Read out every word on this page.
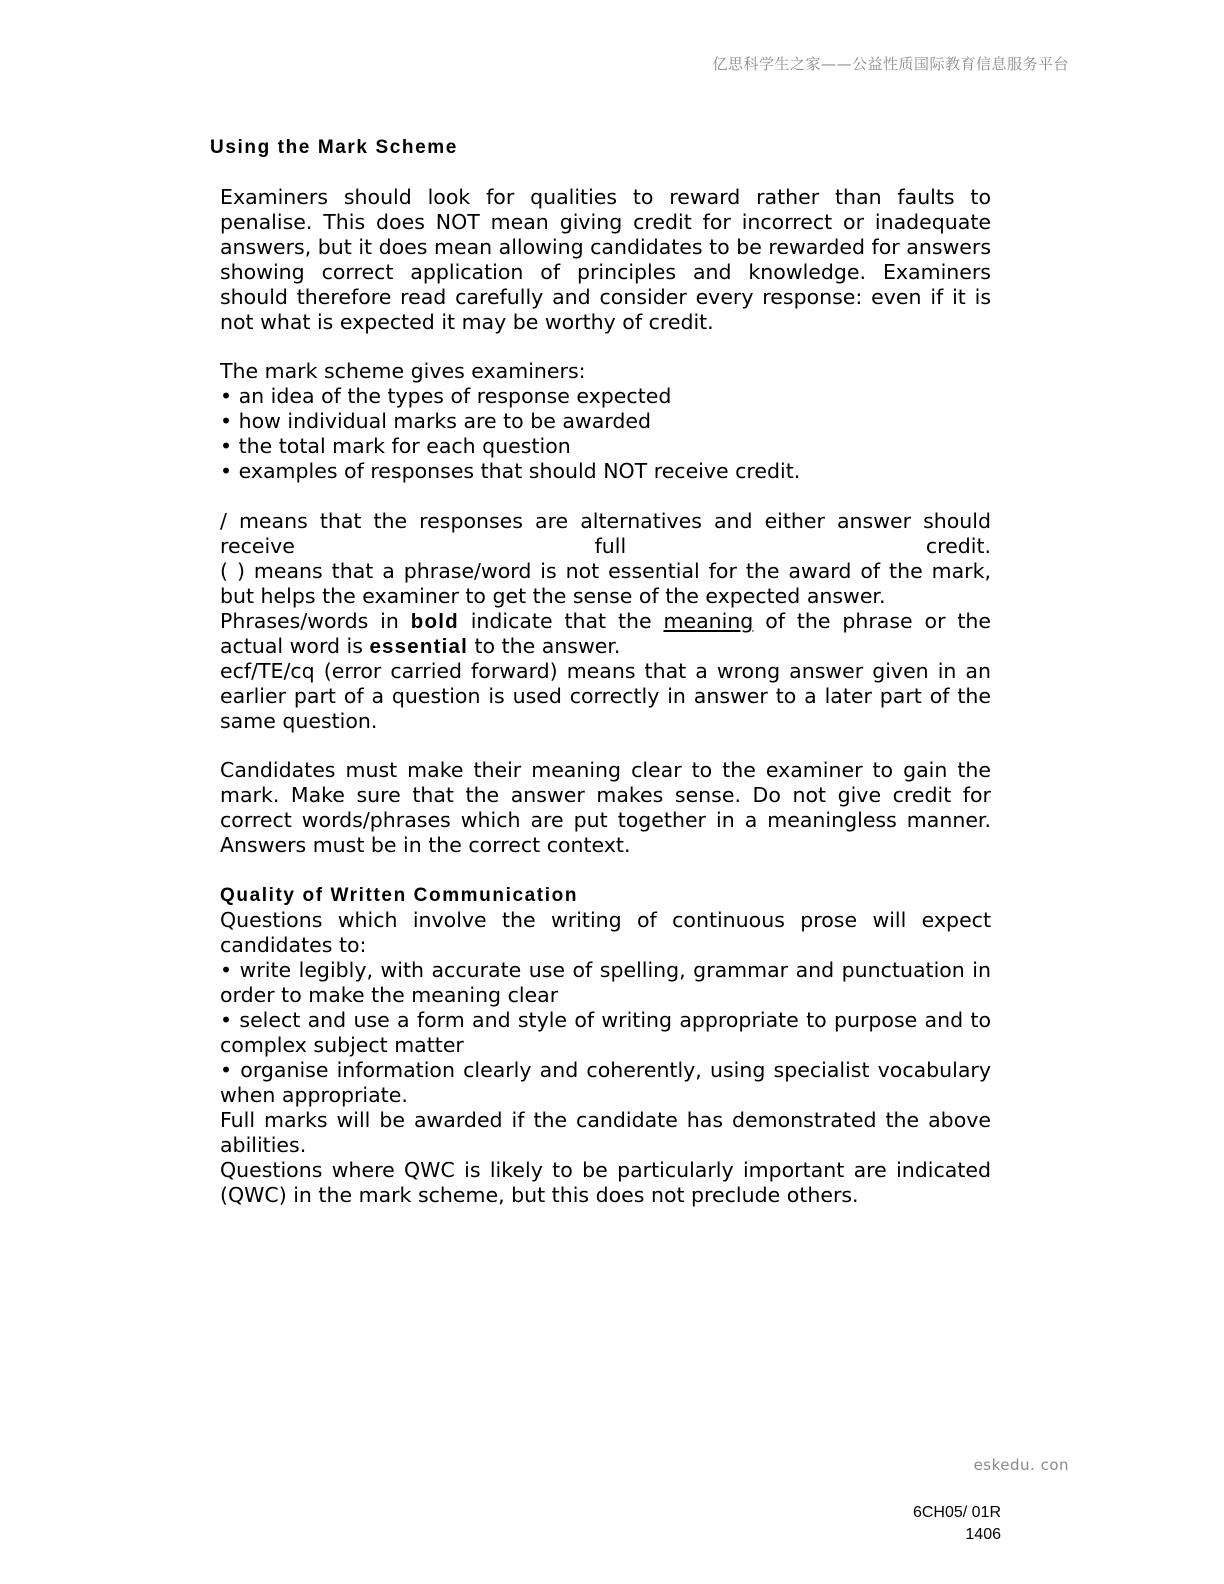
亿思科学生之家——公益性质国际教育信息服务平台
Using the Mark Scheme

Examiners should look for qualities to reward rather than faults to penalise. This does NOT mean giving credit for incorrect or inadequate answers, but it does mean allowing candidates to be rewarded for answers showing correct application of principles and knowledge. Examiners should therefore read carefully and consider every response: even if it is not what is expected it may be worthy of credit.

The mark scheme gives examiners:

• an idea of the types of response expected

• how individual marks are to be awarded

• the total mark for each question

• examples of responses that should NOT receive credit.

/ means that the responses are alternatives and either answer should receive full credit.

( ) means that a phrase/word is not essential for the award of the mark, but helps the examiner to get the sense of the expected answer.

Phrases/words in bold indicate that the meaning of the phrase or the actual word is essential to the answer.

ecf/TE/cq (error carried forward) means that a wrong answer given in an earlier part of a question is used correctly in answer to a later part of the same question.

Candidates must make their meaning clear to the examiner to gain the mark. Make sure that the answer makes sense. Do not give credit for correct words/phrases which are put together in a meaningless manner. Answers must be in the correct context.

Quality of Written Communication

Questions which involve the writing of continuous prose will expect candidates to:

• write legibly, with accurate use of spelling, grammar and punctuation in order to make the meaning clear

• select and use a form and style of writing appropriate to purpose and to complex subject matter

• organise information clearly and coherently, using specialist vocabulary when appropriate.

Full marks will be awarded if the candidate has demonstrated the above abilities.

Questions where QWC is likely to be particularly important are indicated (QWC) in the mark scheme, but this does not preclude others.

eskedu. con
6CH05/ 01R
1406
